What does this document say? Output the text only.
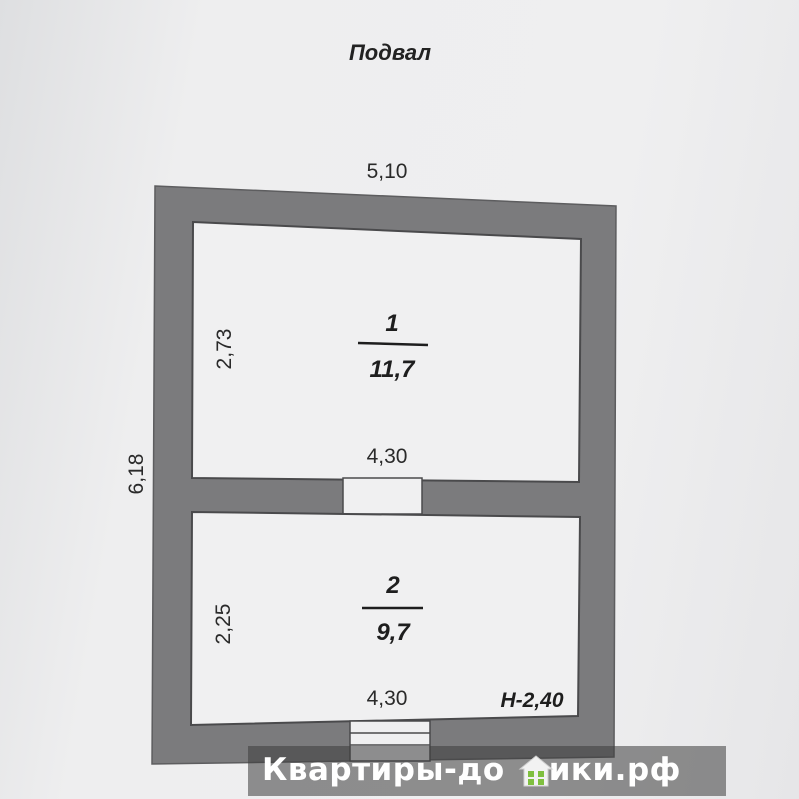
Подвал
5,10
6,18
2,73
4,30
2,25
4,30
1
11,7
2
9,7
Н-2,40
Квартиры-до ики.рф
